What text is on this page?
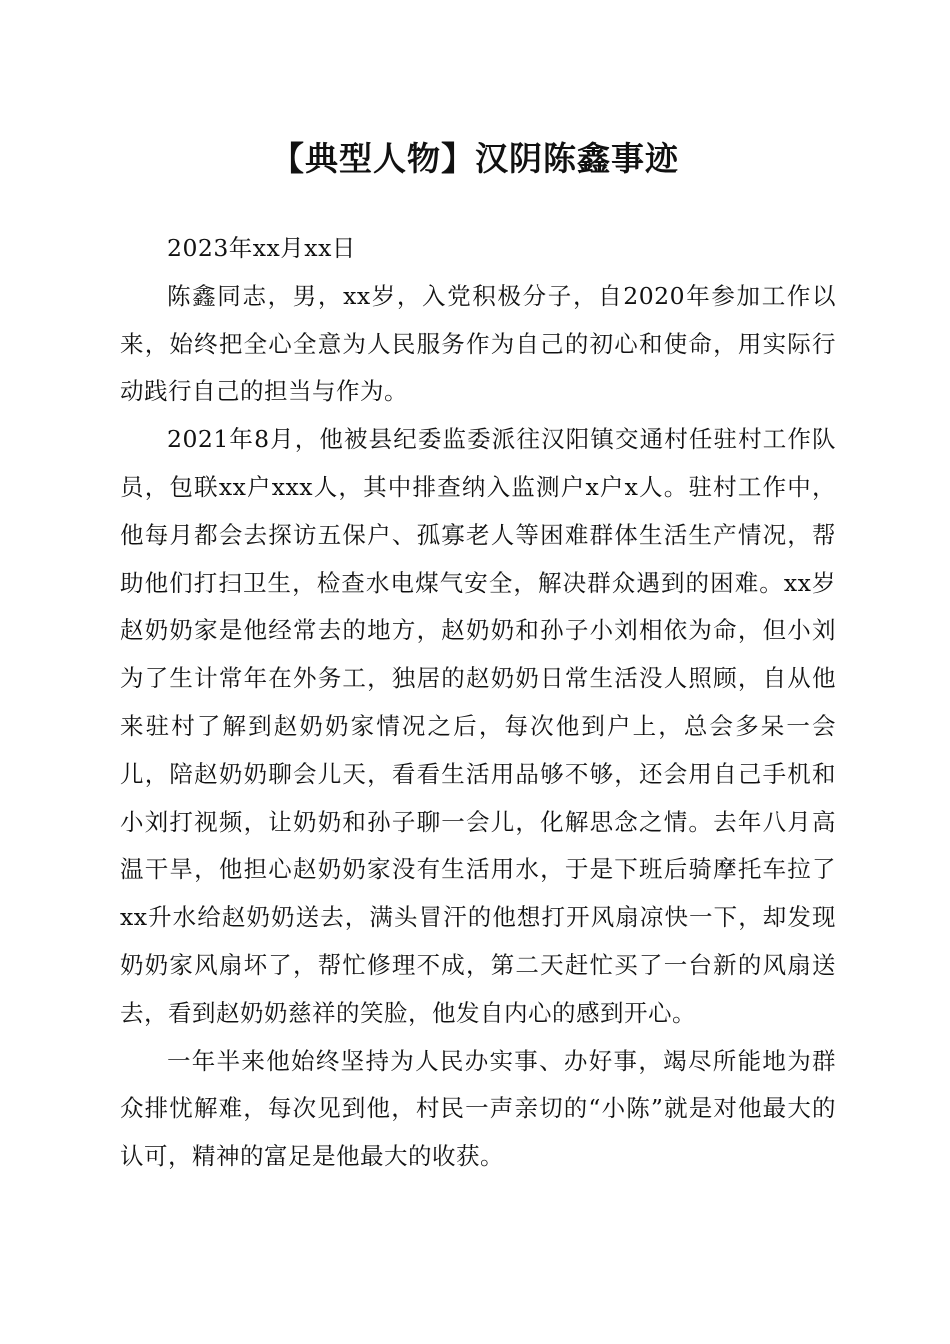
【典型人物】汉阴陈鑫事迹

2023年xx月xx日

陈鑫同志，男，xx岁，入党积极分子，自2020年参加工作以来，始终把全心全意为人民服务作为自己的初心和使命，用实际行动践行自己的担当与作为。

2021年8月，他被县纪委监委派往汉阳镇交通村任驻村工作队员，包联xx户xxx人，其中排查纳入监测户x户x人。驻村工作中，他每月都会去探访五保户、孤寡老人等困难群体生活生产情况，帮助他们打扫卫生，检查水电煤气安全，解决群众遇到的困难。xx岁赵奶奶家是他经常去的地方，赵奶奶和孙子小刘相依为命，但小刘为了生计常年在外务工，独居的赵奶奶日常生活没人照顾，自从他来驻村了解到赵奶奶家情况之后，每次他到户上，总会多呆一会儿，陪赵奶奶聊会儿天，看看生活用品够不够，还会用自己手机和小刘打视频，让奶奶和孙子聊一会儿，化解思念之情。去年八月高温干旱，他担心赵奶奶家没有生活用水，于是下班后骑摩托车拉了xx升水给赵奶奶送去，满头冒汗的他想打开风扇凉快一下，却发现奶奶家风扇坏了，帮忙修理不成，第二天赶忙买了一台新的风扇送去，看到赵奶奶慈祥的笑脸，他发自内心的感到开心。

一年半来他始终坚持为人民办实事、办好事，竭尽所能地为群众排忧解难，每次见到他，村民一声亲切的“小陈”就是对他最大的认可，精神的富足是他最大的收获。
